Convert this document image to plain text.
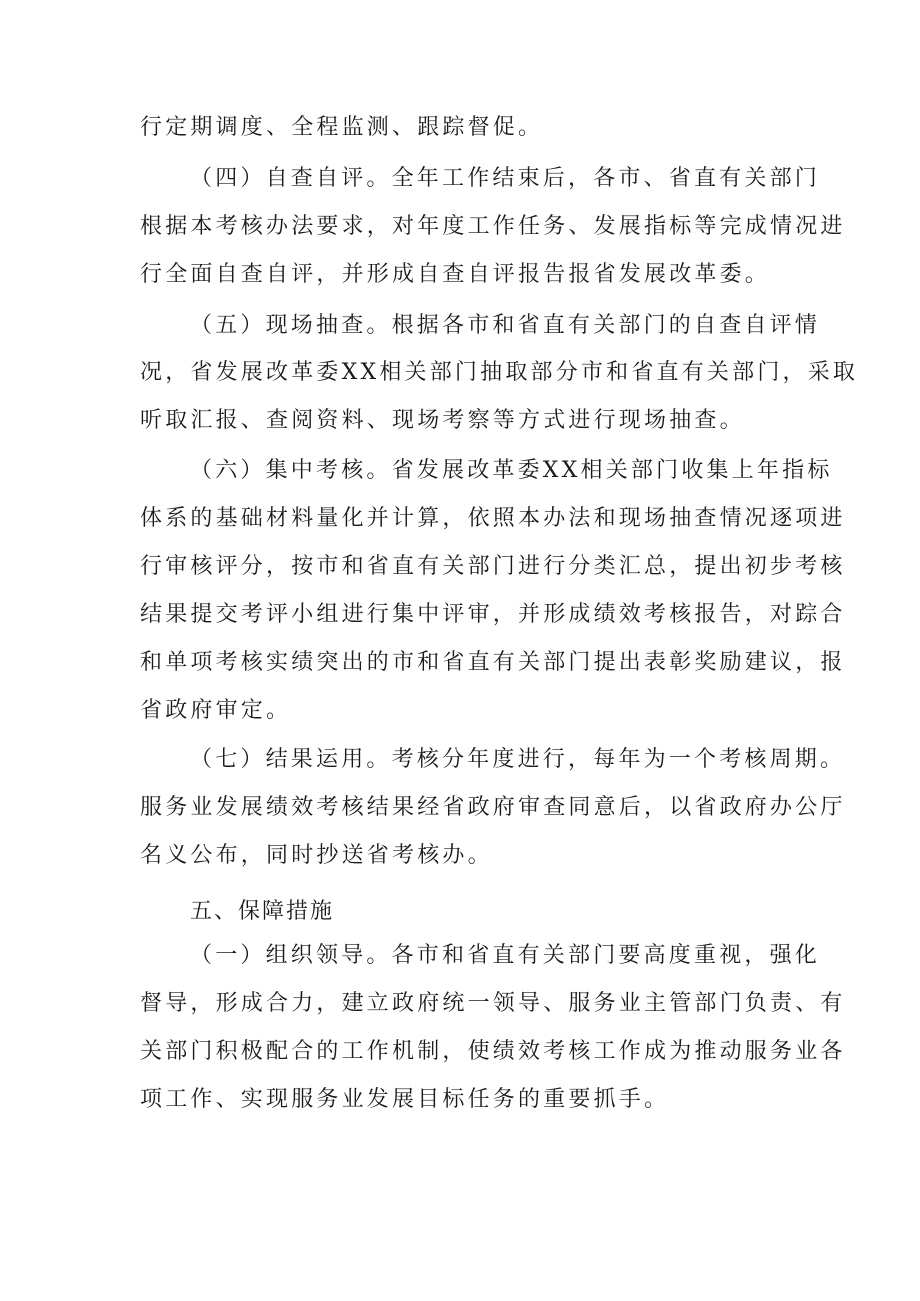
行定期调度、全程监测、跟踪督促。
（四）自查自评。全年工作结束后，各市、省直有关部门
根据本考核办法要求，对年度工作任务、发展指标等完成情况进
行全面自查自评，并形成自查自评报告报省发展改革委。
（五）现场抽查。根据各市和省直有关部门的自查自评情
况，省发展改革委XX相关部门抽取部分市和省直有关部门，采取
听取汇报、查阅资料、现场考察等方式进行现场抽查。
（六）集中考核。省发展改革委XX相关部门收集上年指标
体系的基础材料量化并计算，依照本办法和现场抽查情况逐项进
行审核评分，按市和省直有关部门进行分类汇总，提出初步考核
结果提交考评小组进行集中评审，并形成绩效考核报告，对踪合
和单项考核实绩突出的市和省直有关部门提出表彰奖励建议，报
省政府审定。
（七）结果运用。考核分年度进行，每年为一个考核周期。
服务业发展绩效考核结果经省政府审查同意后，以省政府办公厅
名义公布，同时抄送省考核办。
五、保障措施
（一）组织领导。各市和省直有关部门要高度重视，强化
督导，形成合力，建立政府统一领导、服务业主管部门负责、有
关部门积极配合的工作机制，使绩效考核工作成为推动服务业各
项工作、实现服务业发展目标任务的重要抓手。
